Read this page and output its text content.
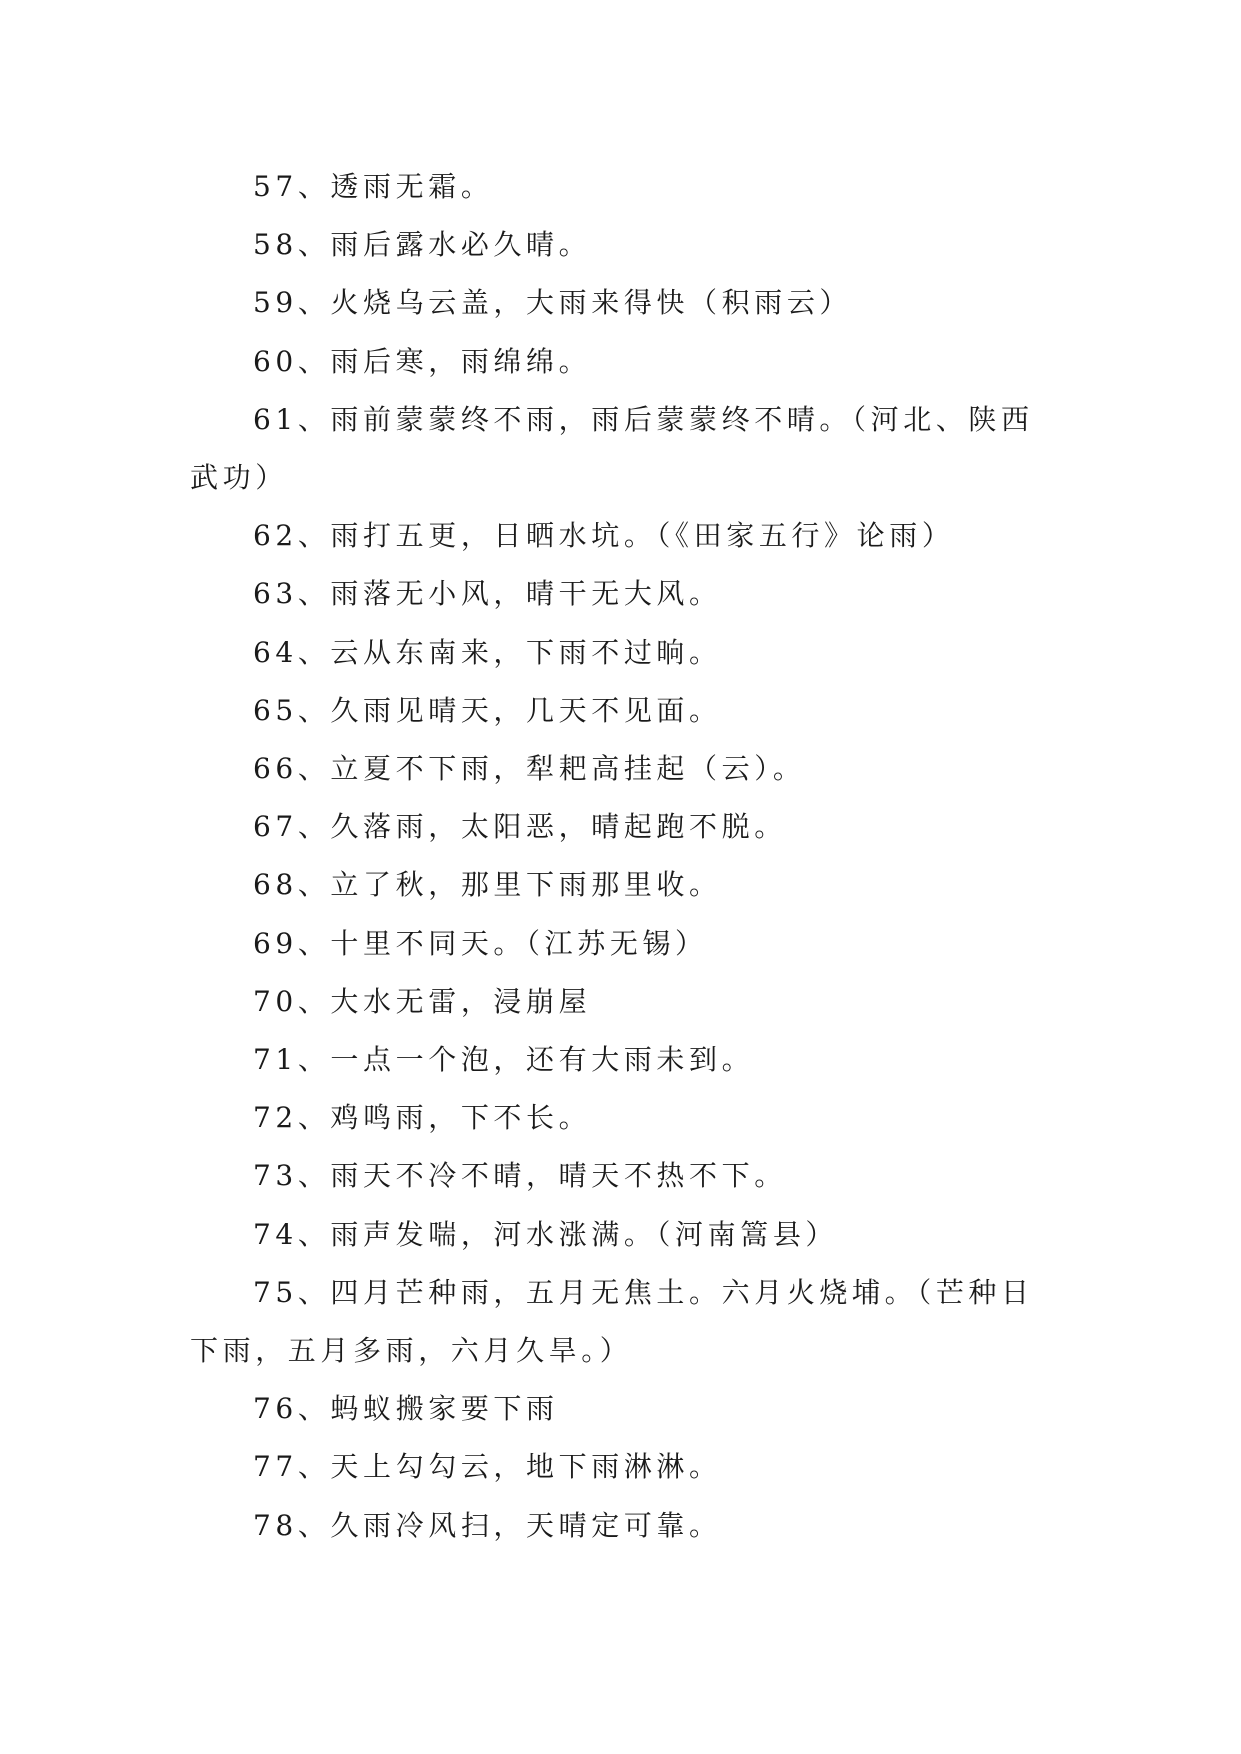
57、透雨无霜。

58、雨后露水必久晴。

59、火烧乌云盖，大雨来得快（积雨云）

60、雨后寒，雨绵绵。

61、雨前蒙蒙终不雨，雨后蒙蒙终不晴。（河北、陕西武功）

62、雨打五更，日晒水坑。（《田家五行》论雨）

63、雨落无小风，晴干无大风。

64、云从东南来，下雨不过晌。

65、久雨见晴天，几天不见面。

66、立夏不下雨，犁耙高挂起（云）。

67、久落雨，太阳恶，晴起跑不脱。

68、立了秋，那里下雨那里收。

69、十里不同天。（江苏无锡）

70、大水无雷，浸崩屋

71、一点一个泡，还有大雨未到。

72、鸡鸣雨，下不长。

73、雨天不冷不晴，晴天不热不下。

74、雨声发喘，河水涨满。（河南篙县）

75、四月芒种雨，五月无焦土。六月火烧埔。（芒种日下雨，五月多雨，六月久旱。）

76、蚂蚁搬家要下雨

77、天上勾勾云，地下雨淋淋。

78、久雨冷风扫，天晴定可靠。
